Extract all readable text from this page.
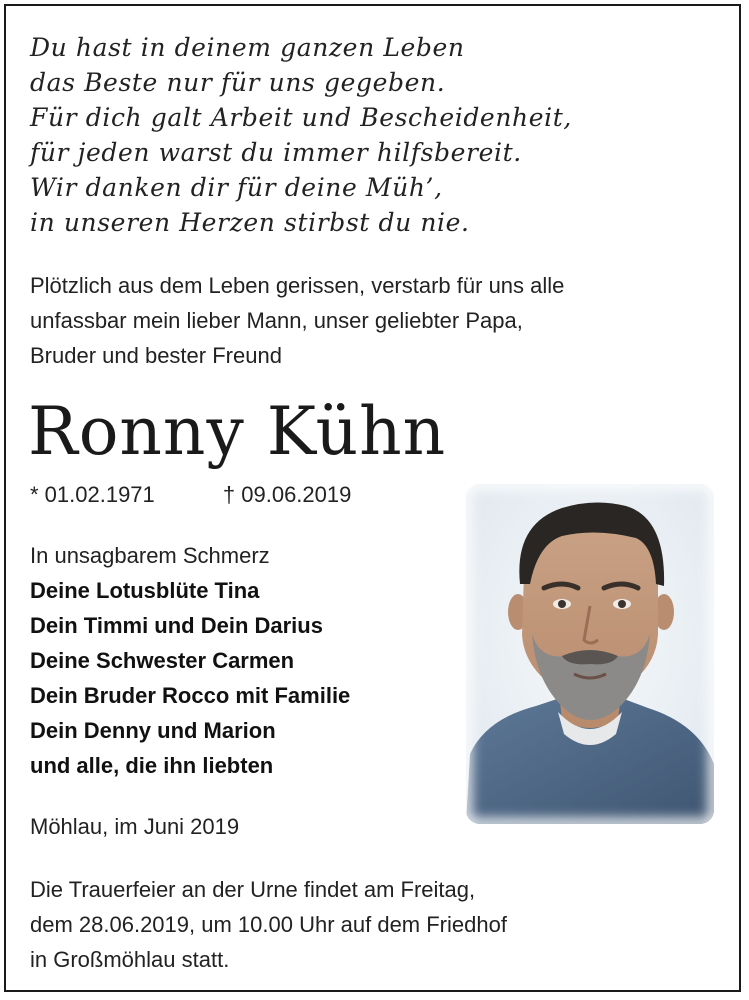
Du hast in deinem ganzen Leben
das Beste nur für uns gegeben.
Für dich galt Arbeit und Bescheidenheit,
für jeden warst du immer hilfsbereit.
Wir danken dir für deine Müh’,
in unseren Herzen stirbst du nie.
Plötzlich aus dem Leben gerissen, verstarb für uns alle
unfassbar mein lieber Mann, unser geliebter Papa,
Bruder und bester Freund
Ronny Kühn
* 01.02.1971	† 09.06.2019
In unsagbarem Schmerz
Deine Lotusblüte Tina
Dein Timmi und Dein Darius
Deine Schwester Carmen
Dein Bruder Rocco mit Familie
Dein Denny und Marion
und alle, die ihn liebten
Möhlau, im Juni 2019
Die Trauerfeier an der Urne findet am Freitag,
dem 28.06.2019, um 10.00 Uhr auf dem Friedhof
in Großmöhlau statt.
